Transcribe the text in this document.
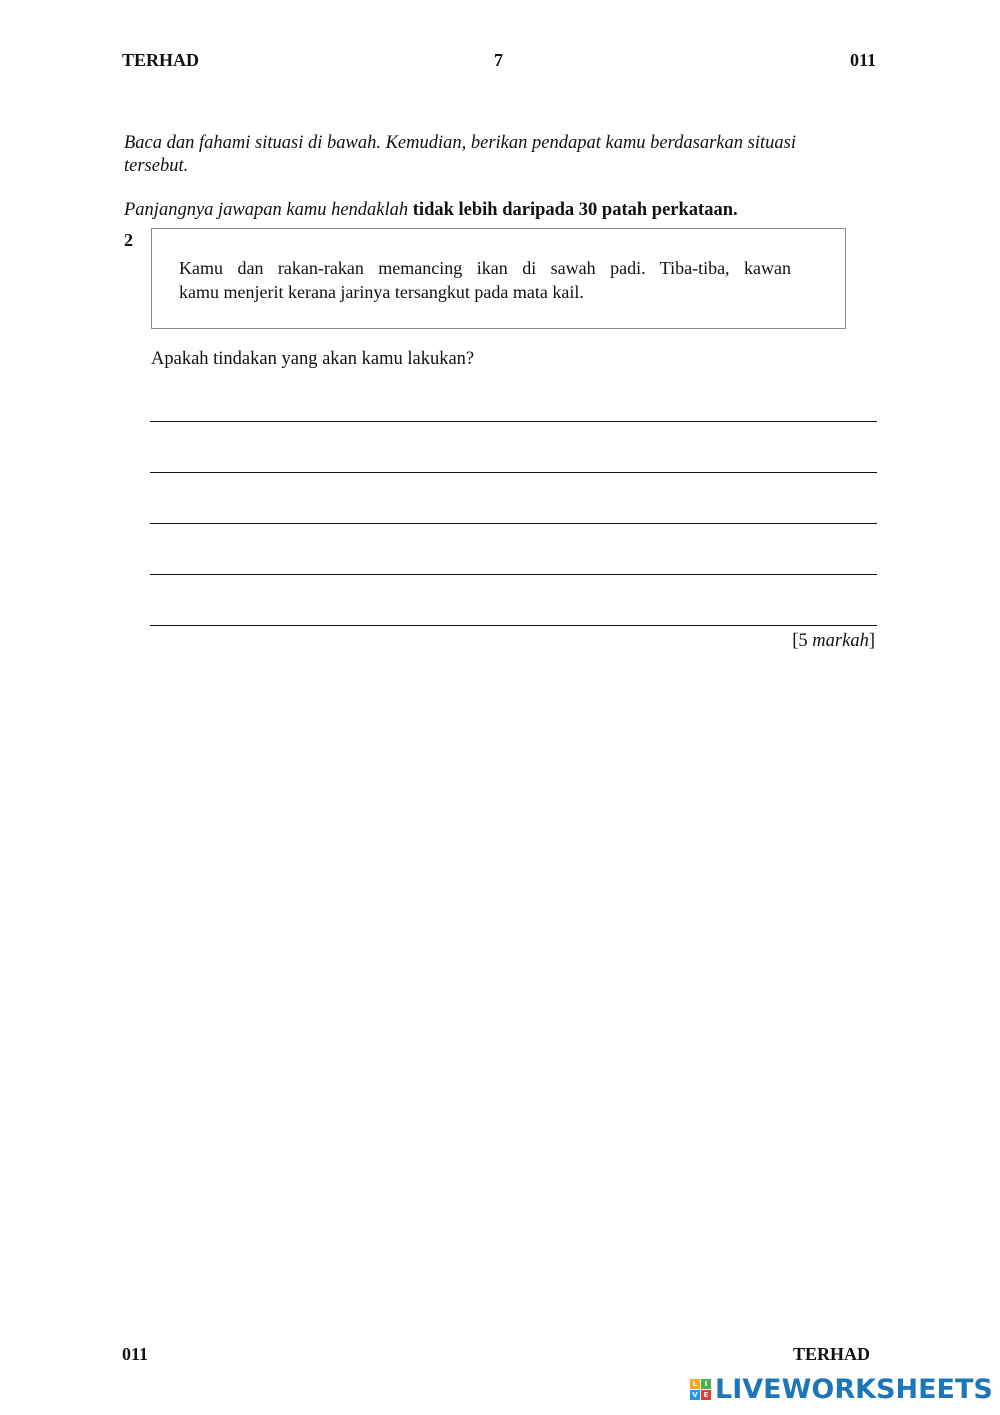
TERHAD	7	011
Baca dan fahami situasi di bawah. Kemudian, berikan pendapat kamu berdasarkan situasi
tersebut.
Panjangnya jawapan kamu hendaklah tidak lebih daripada 30 patah perkataan.
2
Kamu dan rakan-rakan memancing ikan di sawah padi. Tiba-tiba, kawan
kamu menjerit kerana jarinya tersangkut pada mata kail.
Apakah tindakan yang akan kamu lakukan?
[5 markah]
011	TERHAD
L	I
V E LIVEWORKSHEETS
